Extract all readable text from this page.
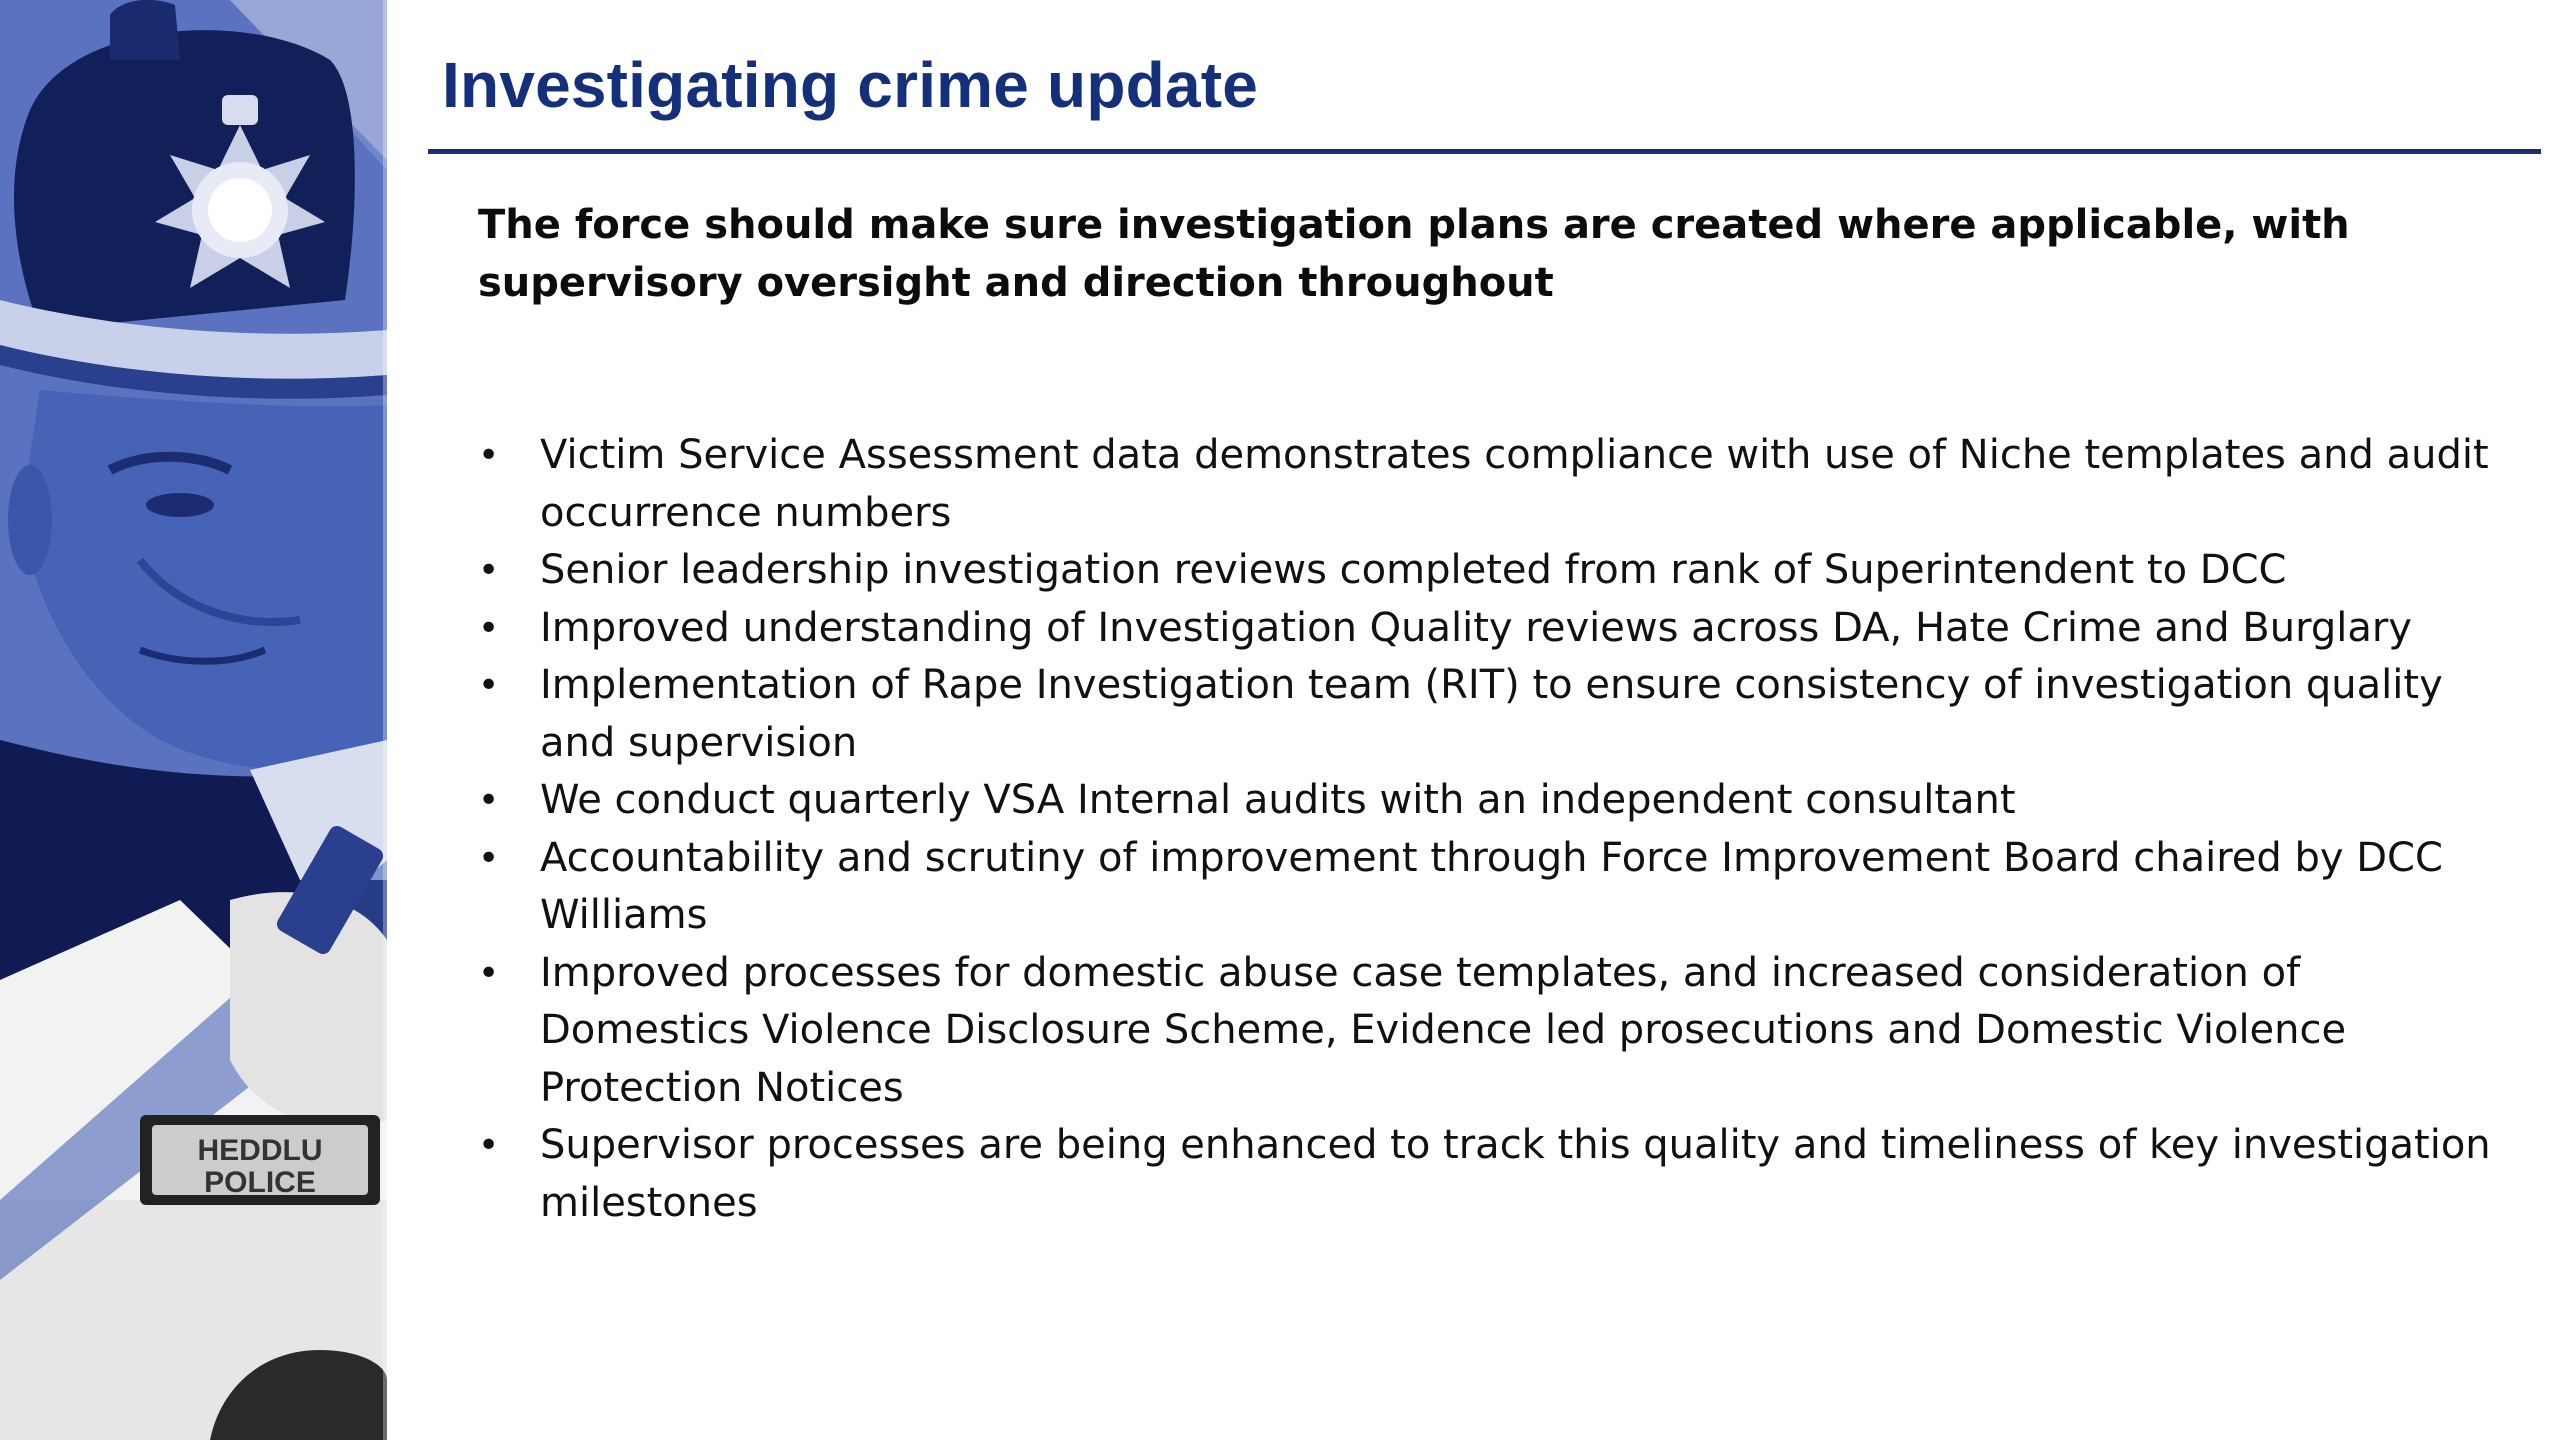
HEDDLU
POLICE
Investigating crime update

The force should make sure investigation plans are created where applicable, with supervisory oversight and direction throughout

• Victim Service Assessment data demonstrates compliance with use of Niche templates and audit occurrence numbers
• Senior leadership investigation reviews completed from rank of Superintendent to DCC
• Improved understanding of Investigation Quality reviews across DA, Hate Crime and Burglary
• Implementation of Rape Investigation team (RIT) to ensure consistency of investigation quality and supervision
• We conduct quarterly VSA Internal audits with an independent consultant
• Accountability and scrutiny of improvement through Force Improvement Board chaired by DCC Williams
• Improved processes for domestic abuse case templates, and increased consideration of Domestics Violence Disclosure Scheme, Evidence led prosecutions and Domestic Violence Protection Notices
• Supervisor processes are being enhanced to track this quality and timeliness of key investigation milestones
